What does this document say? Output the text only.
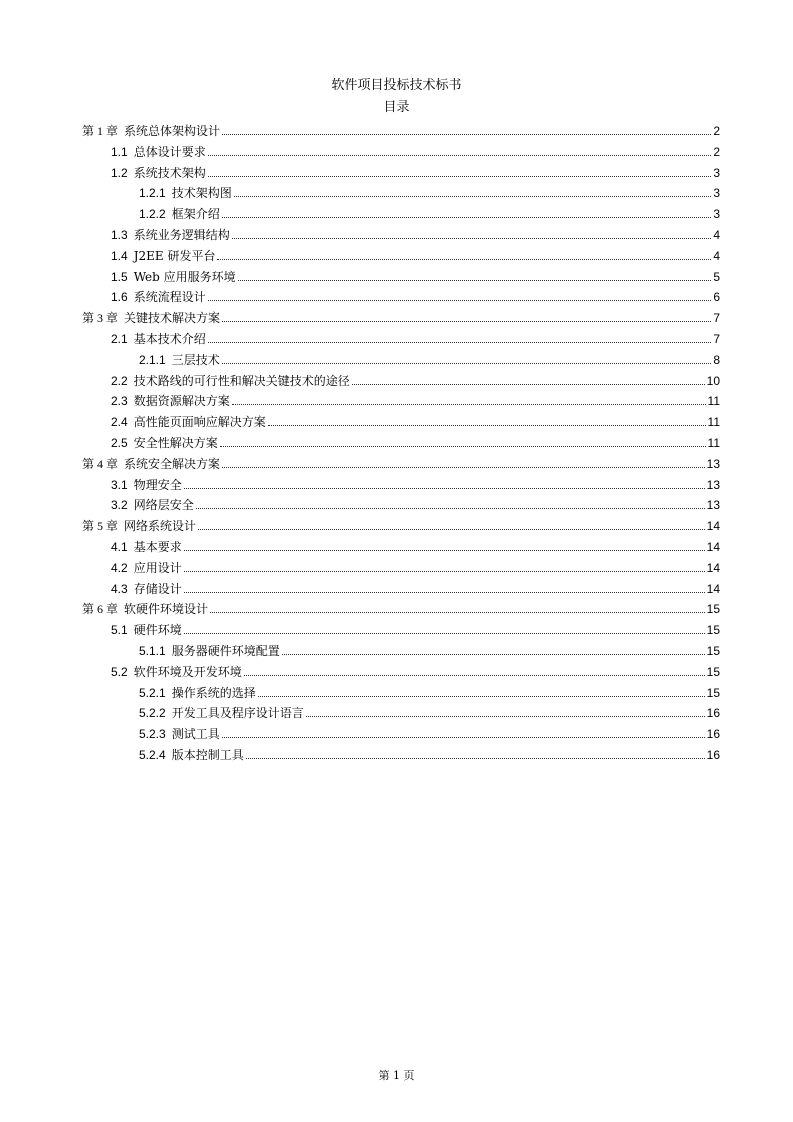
软件项目投标技术标书
目录
第 1 章  系统总体架构设计	2
1.1  总体设计要求	2
1.2  系统技术架构	3
1.2.1  技术架构图	3
1.2.2  框架介绍	3
1.3  系统业务逻辑结构	4
1.4  J2EE 研发平台	4
1.5  Web 应用服务环境	5
1.6  系统流程设计	6
第 3 章  关键技术解决方案	7
2.1  基本技术介绍	7
2.1.1  三层技术	8
2.2  技术路线的可行性和解决关键技术的途径	10
2.3  数据资源解决方案	11
2.4  高性能页面响应解决方案	11
2.5  安全性解决方案	11
第 4 章  系统安全解决方案	13
3.1  物理安全	13
3.2  网络层安全	13
第 5 章  网络系统设计	14
4.1  基本要求	14
4.2  应用设计	14
4.3  存储设计	14
第 6 章  软硬件环境设计	15
5.1  硬件环境	15
5.1.1  服务器硬件环境配置	15
5.2  软件环境及开发环境	15
5.2.1  操作系统的选择	15
5.2.2  开发工具及程序设计语言	16
5.2.3  测试工具	16
5.2.4  版本控制工具	16
第 1 页
